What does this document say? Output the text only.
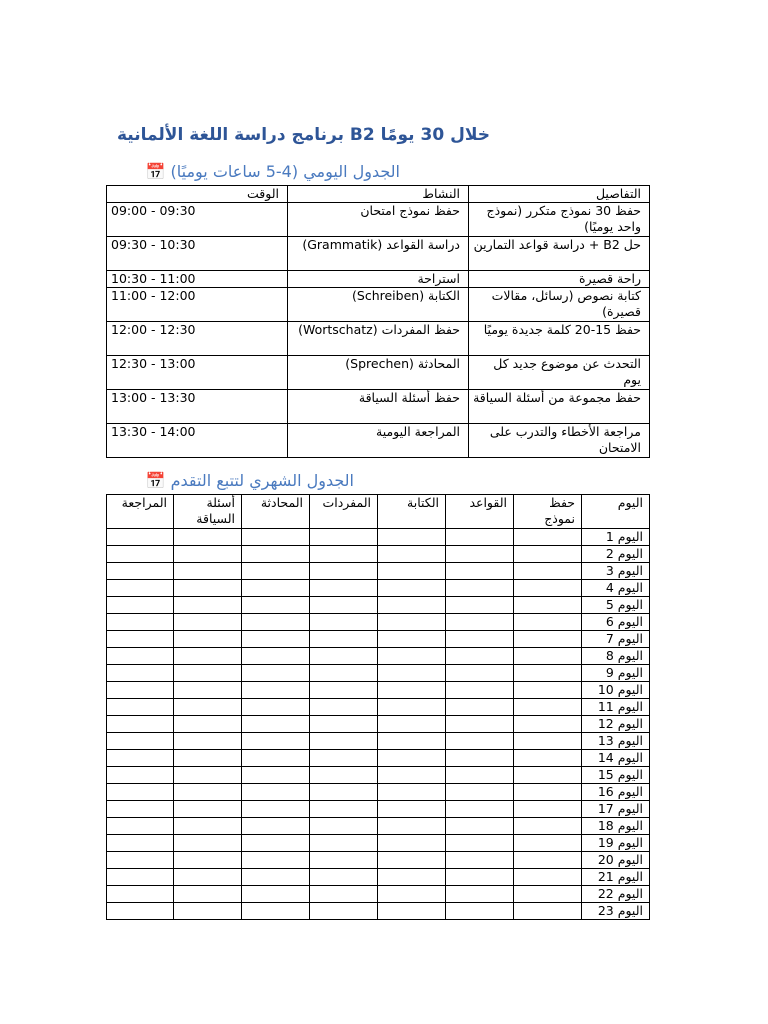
خلال 30 يومًا B2 برنامج دراسة اللغة الألمانية
الجدول اليومي (4-5 ساعات يوميًا) 📅
التفاصيل	النشاط	الوقت
حفظ 30 نموذج متكرر (نموذج واحد يوميًا)	حفظ نموذج امتحان	09:00 - 09:30
حل B2 + دراسة قواعد التمارين	دراسة القواعد (Grammatik)	09:30 - 10:30
راحة قصيرة	استراحة	10:30 - 11:00
كتابة نصوص (رسائل، مقالات قصيرة)	الكتابة (Schreiben)	11:00 - 12:00
حفظ 15-20 كلمة جديدة يوميًا	حفظ المفردات (Wortschatz)	12:00 - 12:30
التحدث عن موضوع جديد كل يوم	المحادثة (Sprechen)	12:30 - 13:00
حفظ مجموعة من أسئلة السياقة	حفظ أسئلة السياقة	13:00 - 13:30
مراجعة الأخطاء والتدرب على الامتحان	المراجعة اليومية	13:30 - 14:00
الجدول الشهري لتتبع التقدم 📅
اليوم	حفظ نموذج	القواعد	الكتابة	المفردات	المحادثة	أسئلة السياقة	المراجعة
اليوم 1							
اليوم 2							
اليوم 3							
اليوم 4							
اليوم 5							
اليوم 6							
اليوم 7							
اليوم 8							
اليوم 9							
اليوم 10							
اليوم 11							
اليوم 12							
اليوم 13							
اليوم 14							
اليوم 15							
اليوم 16							
اليوم 17							
اليوم 18							
اليوم 19							
اليوم 20							
اليوم 21							
اليوم 22							
اليوم 23							
